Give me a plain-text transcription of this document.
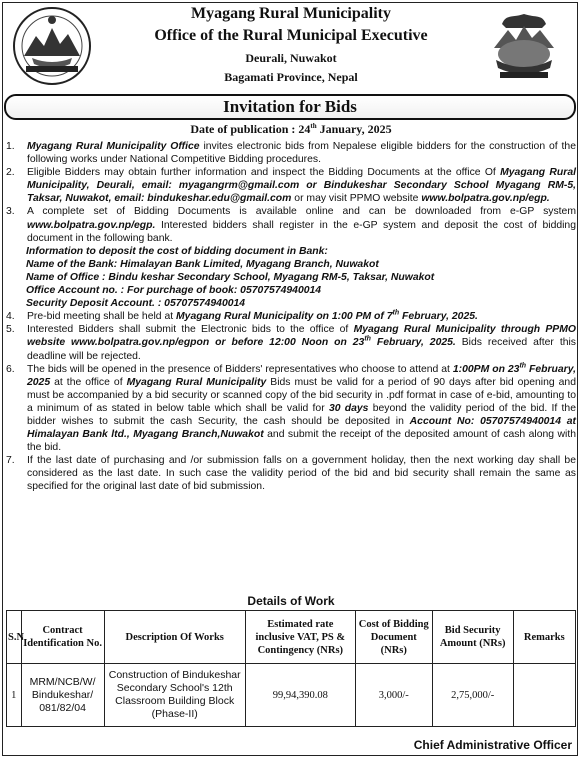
Myagang Rural Municipality
Office of the Rural Municipal Executive
Deurali, Nuwakot
Bagamati Province, Nepal
Invitation for Bids
Date of publication : 24th January, 2025
1.	Myagang Rural Municipality Office invites electronic bids from Nepalese eligible bidders for the construction of the following works under National Competitive Bidding procedures.
2.	Eligible Bidders may obtain further information and inspect the Bidding Documents at the office Of Myagang Rural Municipality, Deurali, email: myagangrm@gmail.com or Bindukeshar Secondary School Myagang RM-5, Taksar, Nuwakot, email: bindukeshar.edu@gmail.com or may visit PPMO website www.bolpatra.gov.np/egp.
3.	A complete set of Bidding Documents is available online and can be downloaded from e-GP system www.bolpatra.gov.np/egp. Interested bidders shall register in the e-GP system and deposit the cost of bidding document in the following bank.
Information to deposit the cost of bidding document in Bank:
Name of the Bank: Himalayan Bank Limited, Myagang Branch, Nuwakot
Name of Office : Bindu keshar Secondary School, Myagang RM-5, Taksar, Nuwakot
Office Account no. : For purchage of book: 05707574940014
Security Deposit Account. : 05707574940014
4.	Pre-bid meeting shall be held at Myagang Rural Municipality on 1:00 PM of 7th February, 2025.
5.	Interested Bidders shall submit the Electronic bids to the office of Myagang Rural Municipality through PPMO website www.bolpatra.gov.np/egpon or before 12:00 Noon on 23th February, 2025. Bids received after this deadline will be rejected.
6.	The bids will be opened in the presence of Bidders' representatives who choose to attend at 1:00PM on 23th February, 2025 at the office of Myagang Rural Municipality Bids must be valid for a period of 90 days after bid opening and must be accompanied by a bid security or scanned copy of the bid security in .pdf format in case of e-bid, amounting to a minimum of as stated in below table which shall be valid for 30 days beyond the validity period of the bid. If the bidder wishes to submit the cash Security, the cash should be deposited in Account No: 05707574940014 at Himalayan Bank ltd., Myagang Branch,Nuwakot and submit the receipt of the deposited amount of cash along with the bid.
7.	If the last date of purchasing and /or submission falls on a government holiday, then the next working day shall be considered as the last date. In such case the validity period of the bid and bid security shall remain the same as specified for the original last date of bid submission.
Details of Work
S.N	Contract Identification No.	Description Of Works	Estimated rate inclusive VAT, PS & Contingency (NRs)	Cost of Bidding Document (NRs)	Bid Security Amount (NRs)	Remarks
1	MRM/NCB/W/ Bindukeshar/ 081/82/04	Construction of Bindukeshar Secondary School's 12th Classroom Building Block (Phase-II)	99,94,390.08	3,000/-	2,75,000/-	
Chief Administrative Officer
